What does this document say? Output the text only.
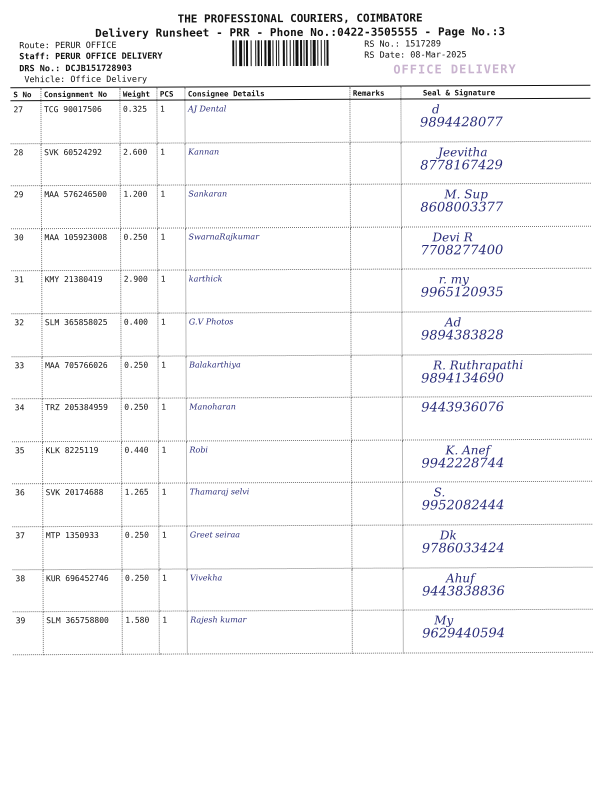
THE PROFESSIONAL COURIERS, COIMBATORE
Delivery Runsheet - PRR - Phone No.:0422-3505555 - Page No.:3
Route: PERUR OFFICE
Staff: PERUR OFFICE DELIVERY
DRS No.: DCJB151728903
Vehicle: Office Delivery
RS No.: 1517289
RS Date: 08-Mar-2025
OFFICE DELIVERY
S No	Consignment No	Weight	PCS	Consignee Details	Remarks	Seal & Signature
27	TCG 90017506	0.325	1	AJ Dental		d
9894428077

28	SVK 60524292	2.600	1	Kannan		Jeevitha
8778167429

29	MAA 576246500	1.200	1	Sankaran		M. Sup
8608003377

30	MAA 105923008	0.250	1	SwarnaRajkumar		Devi R
7708277400

31	KMY 21380419	2.900	1	karthick		r. my
9965120935

32	SLM 365858025	0.400	1	G.V Photos		Ad
9894383828

33	MAA 705766026	0.250	1	Balakarthiya		R. Ruthrapathi
9894134690

34	TRZ 205384959	0.250	1	Manoharan		9443936076

35	KLK 8225119	0.440	1	Robi		K. Anef
9942228744

36	SVK 20174688	1.265	1	Thamaraj selvi		S.
9952082444

37	MTP 1350933	0.250	1	Greet seiraa		Dk
9786033424

38	KUR 696452746	0.250	1	Vivekha		Ahuf
9443838836

39	SLM 365758800	1.580	1	Rajesh kumar		My
9629440594
